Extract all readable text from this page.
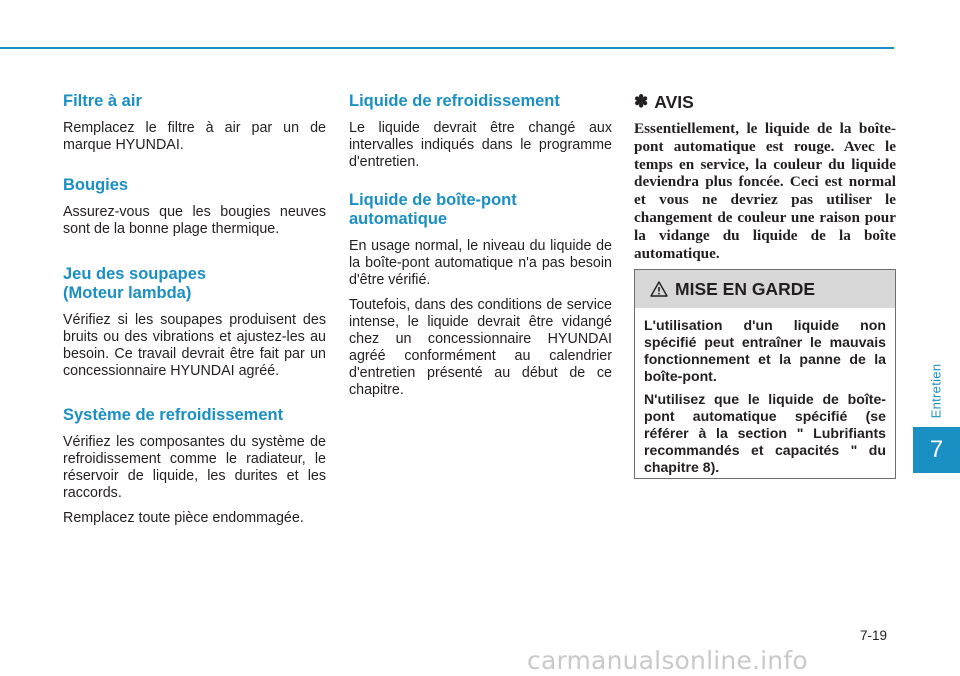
Filtre à air

Remplacez le filtre à air par un de marque HYUNDAI.

Bougies

Assurez-vous que les bougies neuves sont de la bonne plage thermique.

Jeu des soupapes
(Moteur lambda)

Vérifiez si les soupapes produisent des bruits ou des vibrations et ajustez-les au besoin. Ce travail devrait être fait par un concessionnaire HYUNDAI agréé.

Système de refroidissement

Vérifiez les composantes du système de refroidissement comme le radiateur, le réservoir de liquide, les durites et les raccords.

Remplacez toute pièce endommagée.

Liquide de refroidissement

Le liquide devrait être changé aux intervalles indiqués dans le programme d'entretien.

Liquide de boîte-pont
automatique

En usage normal, le niveau du liquide de la boîte-pont automatique n'a pas besoin d'être vérifié.

Toutefois, dans des conditions de service intense, le liquide devrait être vidangé chez un concessionnaire HYUNDAI agréé conformément au calendrier d'entretien présenté au début de ce chapitre.

✽ AVIS

Essentiellement, le liquide de la boîte-pont automatique est rouge. Avec le temps en service, la couleur du liquide deviendra plus foncée. Ceci est normal et vous ne devriez pas utiliser le changement de couleur une raison pour la vidange du liquide de la boîte automatique.

MISE EN GARDE

L'utilisation d'un liquide non spécifié peut entraîner le mauvais fonctionnement et la panne de la boîte-pont.

N'utilisez que le liquide de boîte-pont automatique spécifié (se référer à la section " Lubrifiants recommandés et capacités " du chapitre 8).

Entretien
7
7-19
carmanualsonline.info
